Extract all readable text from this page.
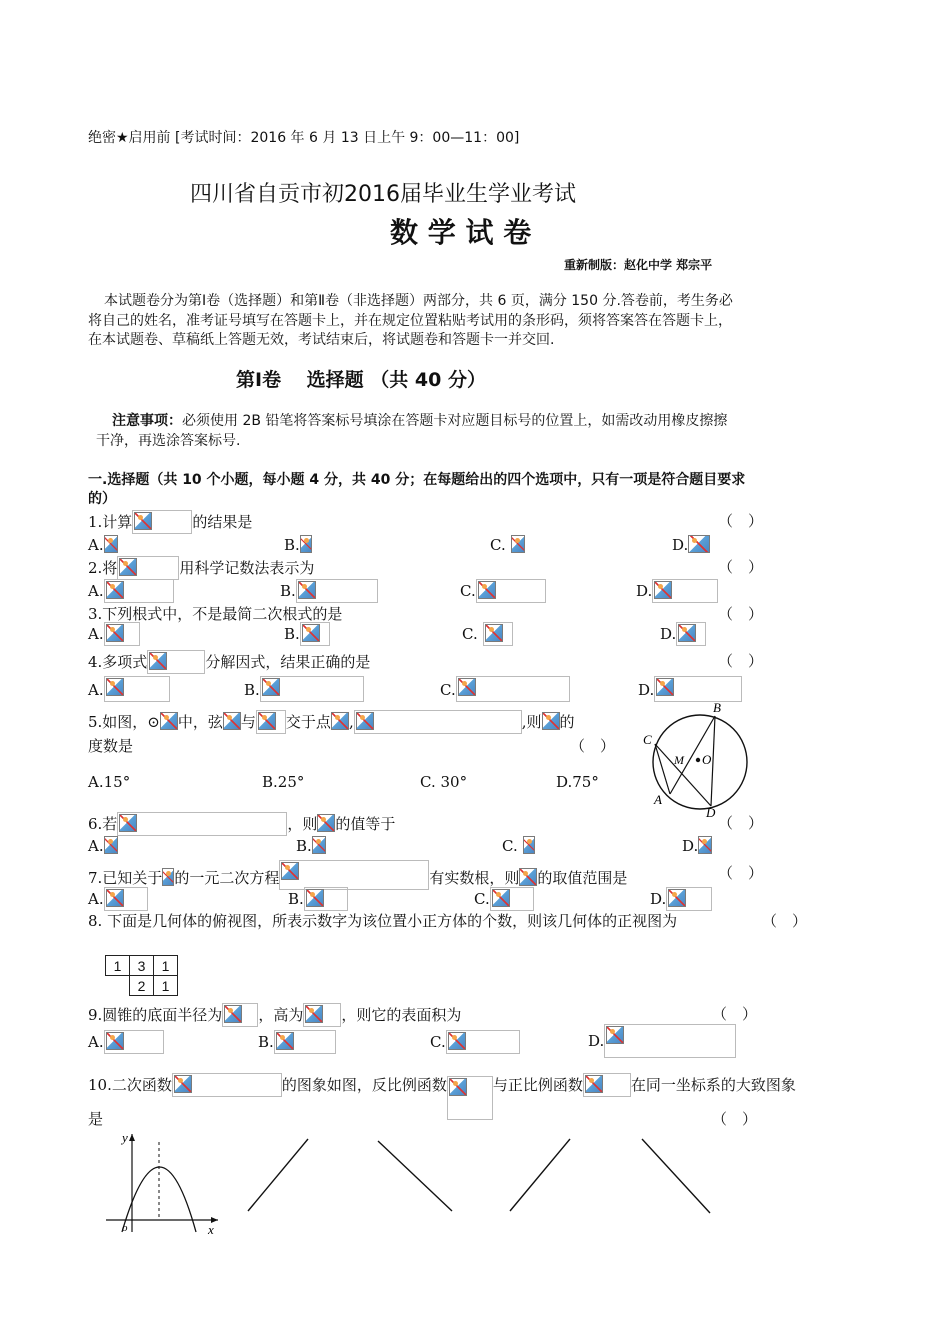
绝密★启用前 [考试时间：2016 年 6 月 13 日上午 9：00—11：00]
四川省自贡市初2016届毕业生学业考试
数 学 试 卷
重新制版：赵化中学 郑宗平
本试题卷分为第Ⅰ卷（选择题）和第Ⅱ卷（非选择题）两部分，共 6 页，满分 150 分.答卷前，考生务必
将自己的姓名，准考证号填写在答题卡上，并在规定位置粘贴考试用的条形码，须将答案答在答题卡上，
在本试题卷、草稿纸上答题无效，考试结束后，将试题卷和答题卡一并交回.
第Ⅰ卷　 选择题 （共 40 分）
注意事项：必须使用 2B 铅笔将答案标号填涂在答题卡对应题目标号的位置上，如需改动用橡皮擦擦
干净，再选涂答案标号.
一.选择题（共 10 个小题，每小题 4 分，共 40 分；在每题给出的四个选项中，只有一项是符合题目要求
的）
1.计算	的结果是	（　）
A.	B.	C.	D.
2.将	用科学记数法表示为	（　）
A.	B.	C.	D.
3.下列根式中，不是最简二次根式的是	（　）
A.	B.	C.	D.
4.多项式	分解因式，结果正确的是	（　）
A.	B.	C.	D.
5.如图，⊙ 中，弦 与 交于点 ,	,则 的
度数是	（　）
A.15°	B.25°	C. 30°	D.75°
B
C
M O
A
D
6.若	，则 的值等于	（　）
A.	B.	C.	D.
7.已知关于 的一元二次方程	有实数根，则 的取值范围是	（　）
A.	B.	C.	D.
8. 下面是几何体的俯视图，所表示数字为该位置小正方体的个数，则该几何体的正视图为	（　）
1	3	1
	2	1
9.圆锥的底面半径为 ，高为	，则它的表面积为	（　）
A.	B.	C.	D.
10.二次函数	的图象如图，反比例函数	与正比例函数	在同一坐标系的大致图象
是	（　）
y
o	x
